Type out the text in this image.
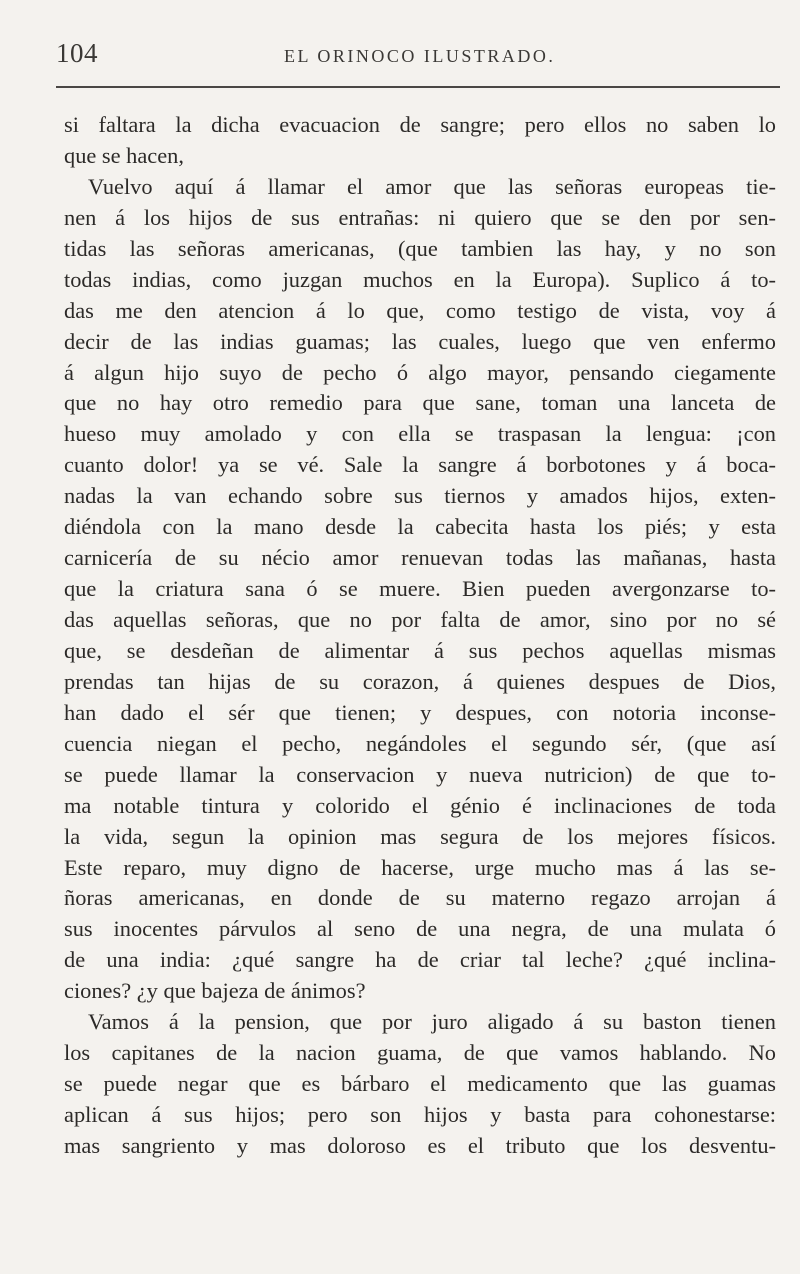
104	EL ORINOCO ILUSTRADO.
si faltara la dicha evacuacion de sangre; pero ellos no saben lo
que se hacen,
Vuelvo aquí á llamar el amor que las señoras europeas tie-
nen á los hijos de sus entrañas: ni quiero que se den por sen-
tidas las señoras americanas, (que tambien las hay, y no son
todas indias, como juzgan muchos en la Europa). Suplico á to-
das me den atencion á lo que, como testigo de vista, voy á
decir de las indias guamas; las cuales, luego que ven enfermo
á algun hijo suyo de pecho ó algo mayor, pensando ciegamente
que no hay otro remedio para que sane, toman una lanceta de
hueso muy amolado y con ella se traspasan la lengua: ¡con
cuanto dolor! ya se vé. Sale la sangre á borbotones y á boca-
nadas la van echando sobre sus tiernos y amados hijos, exten-
diéndola con la mano desde la cabecita hasta los piés; y esta
carnicería de su nécio amor renuevan todas las mañanas, hasta
que la criatura sana ó se muere. Bien pueden avergonzarse to-
das aquellas señoras, que no por falta de amor, sino por no sé
que, se desdeñan de alimentar á sus pechos aquellas mismas
prendas tan hijas de su corazon, á quienes despues de Dios,
han dado el sér que tienen; y despues, con notoria inconse-
cuencia niegan el pecho, negándoles el segundo sér, (que así
se puede llamar la conservacion y nueva nutricion) de que to-
ma notable tintura y colorido el génio é inclinaciones de toda
la vida, segun la opinion mas segura de los mejores físicos.
Este reparo, muy digno de hacerse, urge mucho mas á las se-
ñoras americanas, en donde de su materno regazo arrojan á
sus inocentes párvulos al seno de una negra, de una mulata ó
de una india: ¿qué sangre ha de criar tal leche? ¿qué inclina-
ciones? ¿y que bajeza de ánimos?
Vamos á la pension, que por juro aligado á su baston tienen
los capitanes de la nacion guama, de que vamos hablando. No
se puede negar que es bárbaro el medicamento que las guamas
aplican á sus hijos; pero son hijos y basta para cohonestarse:
mas sangriento y mas doloroso es el tributo que los desventu-
